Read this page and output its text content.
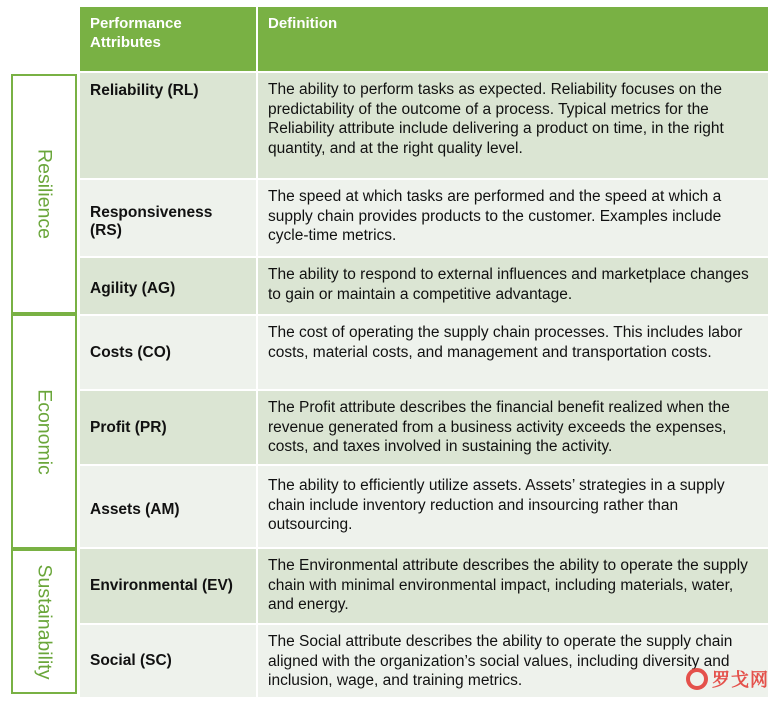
Resilience
Economic
Sustainability
Performance
Attributes
Definition
Reliability (RL)	The ability to perform tasks as expected. Reliability focuses on the predictability of the outcome of a process. Typical metrics for the Reliability attribute include delivering a product on time, in the right quantity, and at the right quality level.
Responsiveness (RS)
The speed at which tasks are performed and the speed at which a supply chain provides products to the customer. Examples include cycle-time metrics.
Agility (AG)
The ability to respond to external influences and marketplace changes to gain or maintain a competitive advantage.
Costs (CO)
The cost of operating the supply chain processes. This includes labor costs, material costs, and management and transportation costs.
Profit (PR)
The Profit attribute describes the financial benefit realized when the revenue generated from a business activity exceeds the expenses, costs, and taxes involved in sustaining the activity.
Assets (AM)
The ability to efficiently utilize assets. Assets’ strategies in a supply chain include inventory reduction and insourcing rather than outsourcing.
Environmental (EV)
The Environmental attribute describes the ability to operate the supply chain with minimal environmental impact, including materials, water, and energy.
Social (SC)
The Social attribute describes the ability to operate the supply chain aligned with the organization’s social values, including diversity and inclusion, wage, and training metrics.	罗戈网
